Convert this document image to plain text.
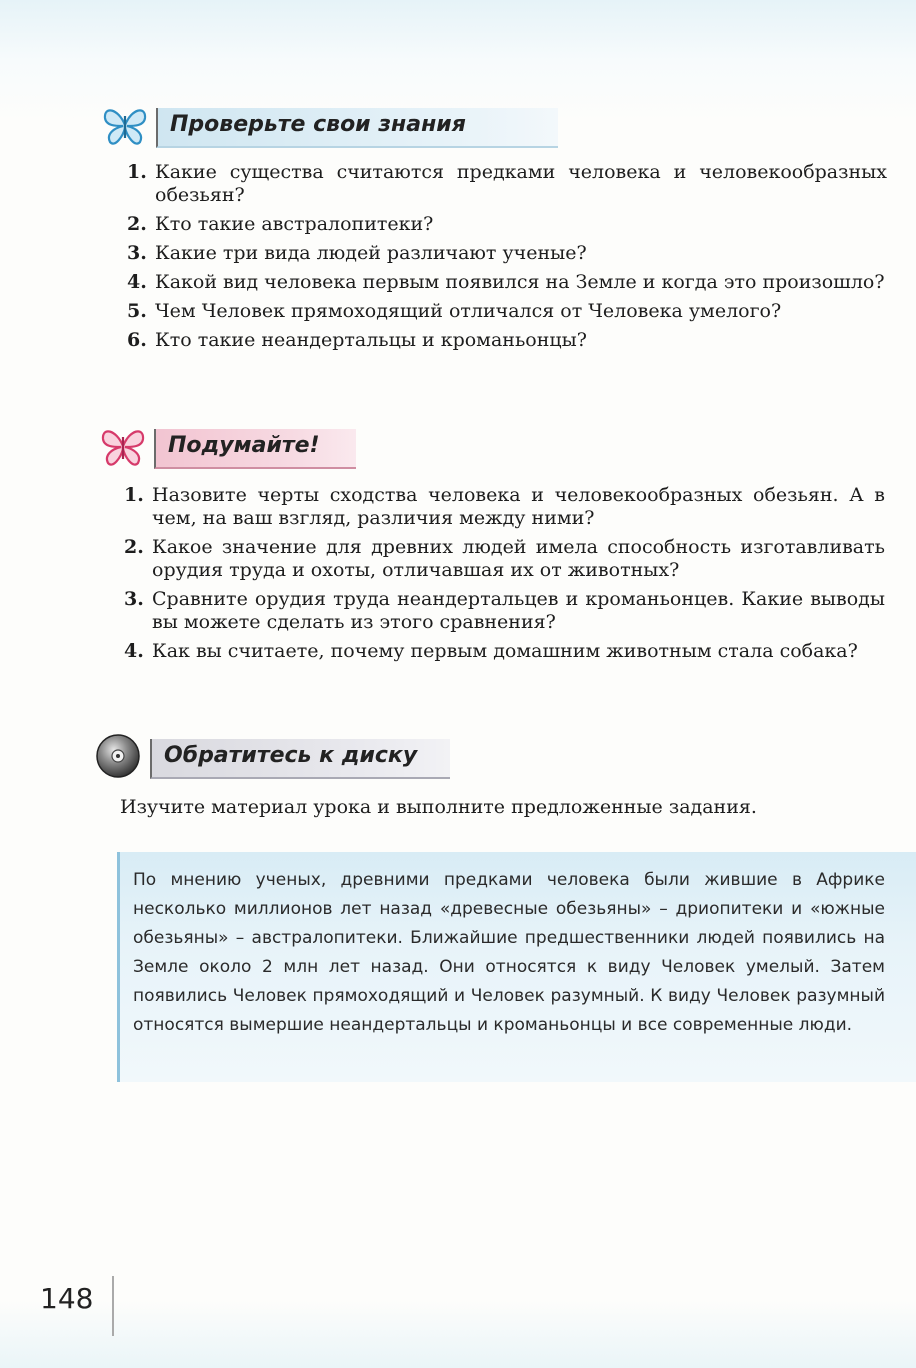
Проверьте свои знания
1. Какие существа считаются предками человека и человекообразных обезьян?
2. Кто такие австралопитеки?
3. Какие три вида людей различают ученые?
4. Какой вид человека первым появился на Земле и когда это произошло?
5. Чем Человек прямоходящий отличался от Человека умелого?
6. Кто такие неандертальцы и кроманьонцы?
Подумайте!
1. Назовите черты сходства человека и человекообразных обезьян. А в чем, на ваш взгляд, различия между ними?
2. Какое значение для древних людей имела способность изготавливать орудия труда и охоты, отличавшая их от животных?
3. Сравните орудия труда неандертальцев и кроманьонцев. Какие выводы вы можете сделать из этого сравнения?
4. Как вы считаете, почему первым домашним животным стала собака?
Обратитесь к диску
Изучите материал урока и выполните предложенные задания.

По мнению ученых, древними предками человека были жившие в Африке несколько миллионов лет назад «древесные обезьяны» – дриопитеки и «южные обезьяны» – австралопитеки. Ближайшие предшественники людей появились на Земле около 2 млн лет назад. Они относятся к виду Человек умелый. Затем появились Человек прямоходящий и Человек разумный. К виду Человек разумный относятся вымершие неандертальцы и кроманьонцы и все современные люди.

148
